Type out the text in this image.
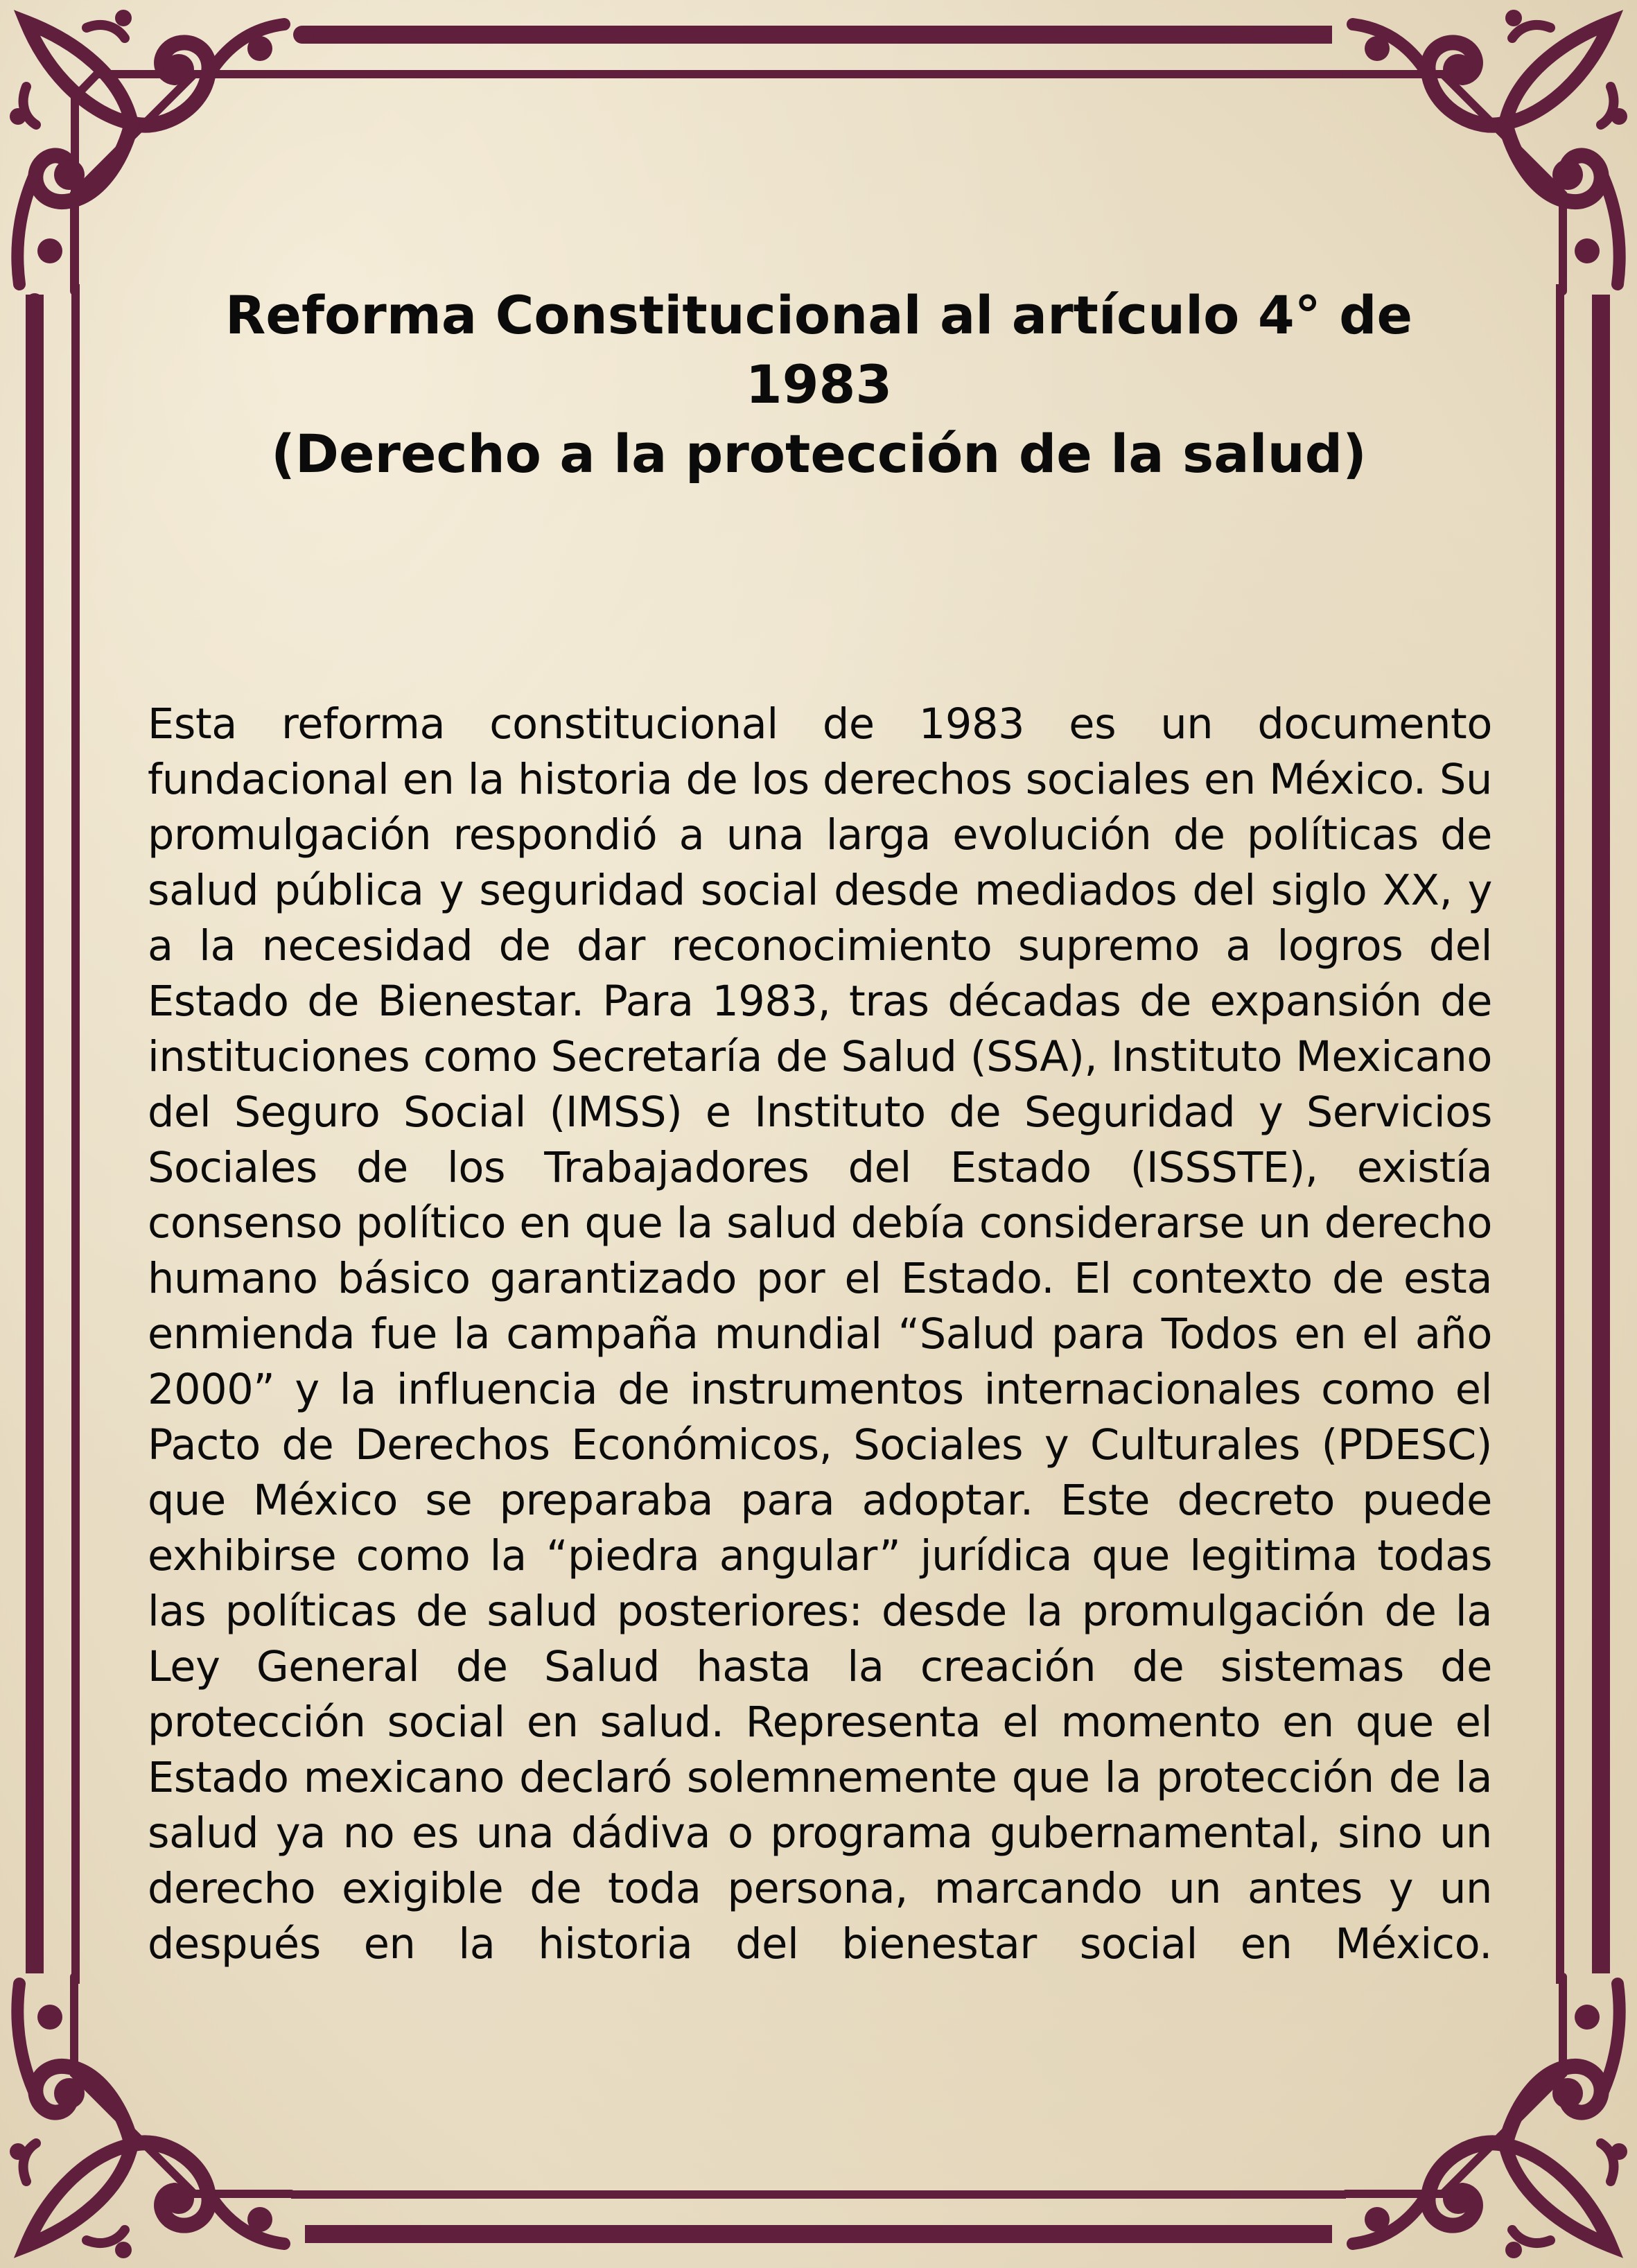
Reforma Constitucional al artículo 4° de 1983
(Derecho a la protección de la salud)

Esta reforma constitucional de 1983 es un documento fundacional en la historia de los derechos sociales en México. Su promulgación respondió a una larga evolución de políticas de salud pública y seguridad social desde mediados del siglo XX, y a la necesidad de dar reconocimiento supremo a logros del Estado de Bienestar. Para 1983, tras décadas de expansión de instituciones como Secretaría de Salud (SSA), Instituto Mexicano del Seguro Social (IMSS) e Instituto de Seguridad y Servicios Sociales de los Trabajadores del Estado (ISSSTE), existía consenso político en que la salud debía considerarse un derecho humano básico garantizado por el Estado. El contexto de esta enmienda fue la campaña mundial “Salud para Todos en el año 2000” y la influencia de instrumentos internacionales como el Pacto de Derechos Económicos, Sociales y Culturales (PDESC) que México se preparaba para adoptar. Este decreto puede exhibirse como la “piedra angular” jurídica que legitima todas las políticas de salud posteriores: desde la promulgación de la Ley General de Salud hasta la creación de sistemas de protección social en salud. Representa el momento en que el Estado mexicano declaró solemnemente que la protección de la salud ya no es una dádiva o programa gubernamental, sino un derecho exigible de toda persona, marcando un antes y un después en la historia del bienestar social en México.
